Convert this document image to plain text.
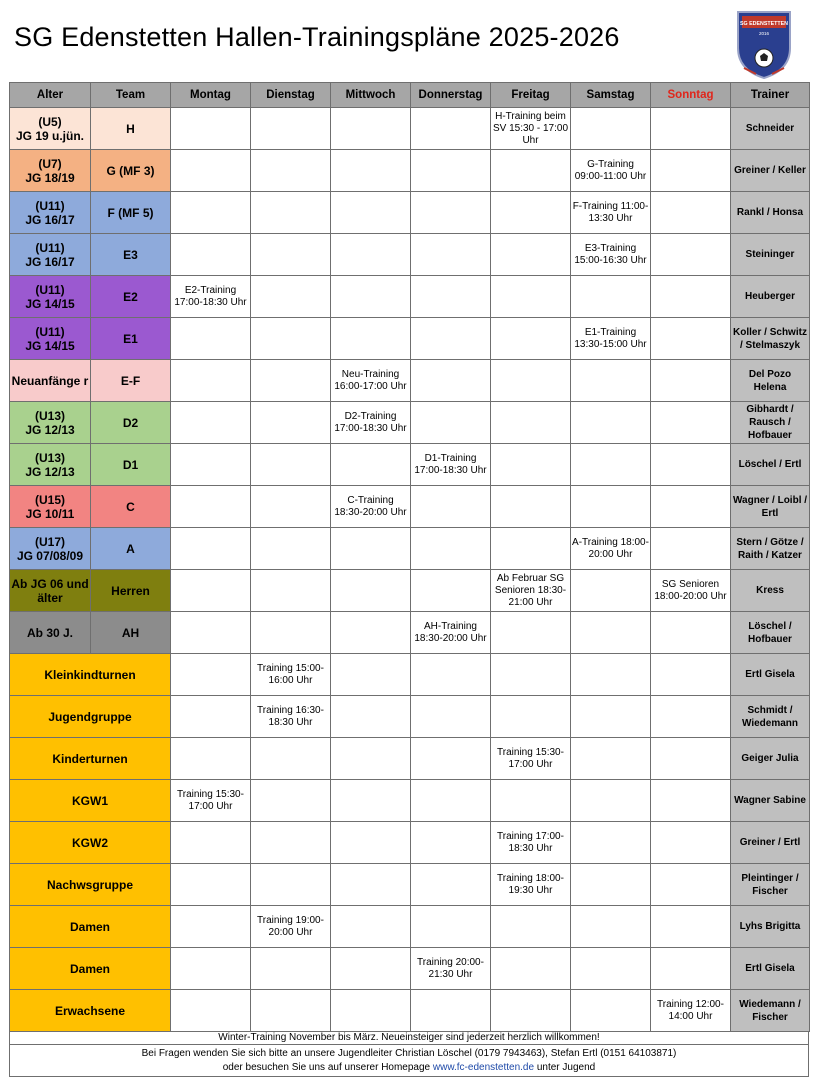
SG Edenstetten Hallen-Trainingspläne 2025-2026	SG EDENSTETTEN
2016
Alter	Team	Montag	Dienstag	Mittwoch	Donnerstag	Freitag	Samstag	Sonntag	Trainer
(U5)
JG 19 u.jün.	H					H-Training beim SV 15:30 - 17:00 Uhr			Schneider
(U7)
JG 18/19	G (MF 3)						G-Training 09:00-11:00 Uhr		Greiner / Keller
(U11)
JG 16/17	F (MF 5)						F-Training 11:00-13:30 Uhr		Rankl / Honsa
(U11)
JG 16/17	E3						E3-Training 15:00-16:30 Uhr		Steininger
(U11)
JG 14/15	E2	E2-Training 17:00-18:30 Uhr							Heuberger
(U11)
JG 14/15	E1						E1-Training 13:30-15:00 Uhr		Koller / Schwitz / Stelmaszyk
Neuanfänge r	E-F			Neu-Training 16:00-17:00 Uhr					Del Pozo Helena
(U13)
JG 12/13	D2			D2-Training 17:00-18:30 Uhr					Gibhardt / Rausch / Hofbauer
(U13)
JG 12/13	D1				D1-Training 17:00-18:30 Uhr				Löschel / Ertl
(U15)
JG 10/11	C			C-Training 18:30-20:00 Uhr					Wagner / Loibl / Ertl
(U17)
JG 07/08/09	A						A-Training 18:00-20:00 Uhr		Stern / Götze / Raith / Katzer
Ab JG 06 und älter	Herren					Ab Februar SG Senioren 18:30-21:00 Uhr		SG Senioren 18:00-20:00 Uhr	Kress
Ab 30 J.	AH				AH-Training 18:30-20:00 Uhr				Löschel / Hofbauer
Kleinkindturnen			Training 15:00-16:00 Uhr						Ertl Gisela
Jugendgruppe			Training 16:30-18:30 Uhr						Schmidt / Wiedemann
Kinderturnen						Training 15:30-17:00 Uhr			Geiger Julia
KGW1		Training 15:30-17:00 Uhr							Wagner Sabine
KGW2						Training 17:00-18:30 Uhr			Greiner / Ertl
Nachwsgruppe						Training 18:00-19:30 Uhr			Pleintinger / Fischer
Damen			Training 19:00-20:00 Uhr						Lyhs Brigitta
Damen					Training 20:00-21:30 Uhr				Ertl Gisela
Erwachsene								Training 12:00-14:00 Uhr	Wiedemann / Fischer
Winter-Training November bis März. Neueinsteiger sind jederzeit herzlich willkommen!
Bei Fragen wenden Sie sich bitte an unsere Jugendleiter Christian Löschel (0179 7943463), Stefan Ertl (0151 64103871)
oder besuchen Sie uns auf unserer Homepage www.fc-edenstetten.de unter Jugend
